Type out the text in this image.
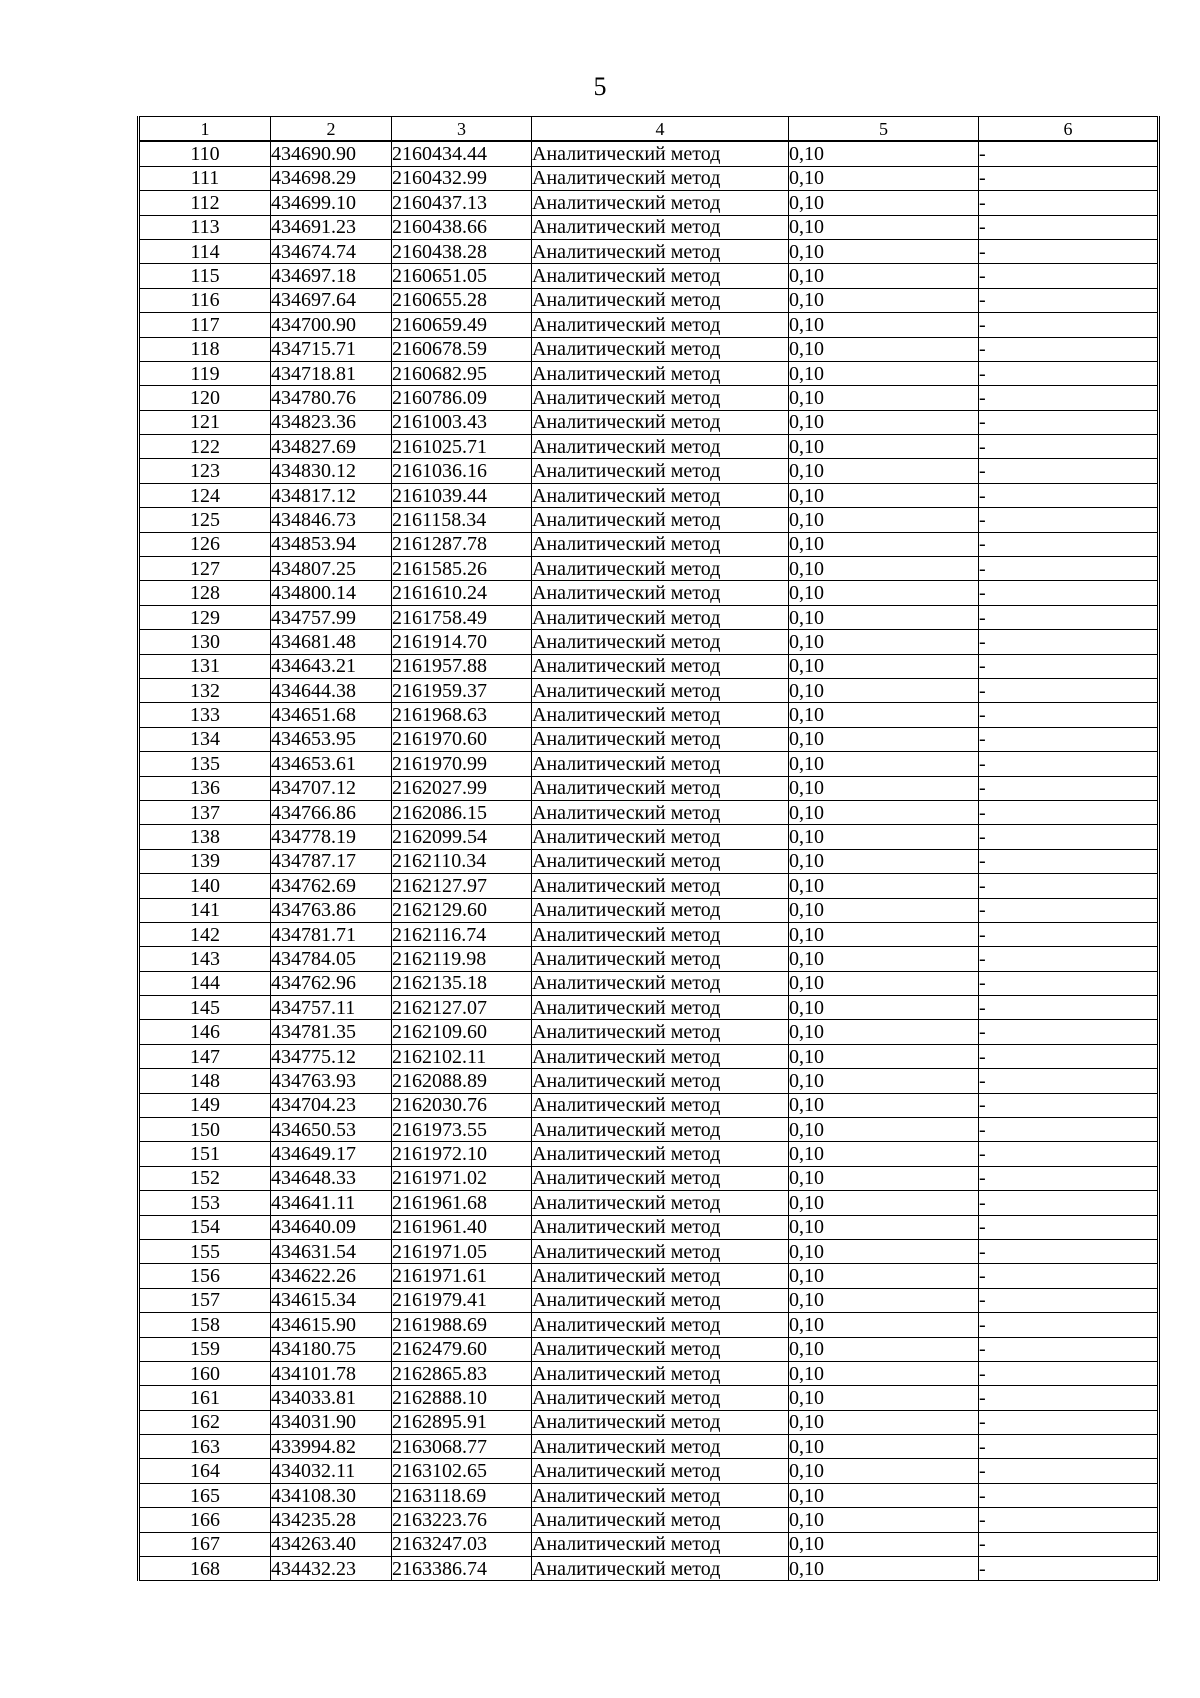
5
1	2	3	4	5	6
110	434690.90	2160434.44	Аналитический метод	0,10	-
111	434698.29	2160432.99	Аналитический метод	0,10	-
112	434699.10	2160437.13	Аналитический метод	0,10	-
113	434691.23	2160438.66	Аналитический метод	0,10	-
114	434674.74	2160438.28	Аналитический метод	0,10	-
115	434697.18	2160651.05	Аналитический метод	0,10	-
116	434697.64	2160655.28	Аналитический метод	0,10	-
117	434700.90	2160659.49	Аналитический метод	0,10	-
118	434715.71	2160678.59	Аналитический метод	0,10	-
119	434718.81	2160682.95	Аналитический метод	0,10	-
120	434780.76	2160786.09	Аналитический метод	0,10	-
121	434823.36	2161003.43	Аналитический метод	0,10	-
122	434827.69	2161025.71	Аналитический метод	0,10	-
123	434830.12	2161036.16	Аналитический метод	0,10	-
124	434817.12	2161039.44	Аналитический метод	0,10	-
125	434846.73	2161158.34	Аналитический метод	0,10	-
126	434853.94	2161287.78	Аналитический метод	0,10	-
127	434807.25	2161585.26	Аналитический метод	0,10	-
128	434800.14	2161610.24	Аналитический метод	0,10	-
129	434757.99	2161758.49	Аналитический метод	0,10	-
130	434681.48	2161914.70	Аналитический метод	0,10	-
131	434643.21	2161957.88	Аналитический метод	0,10	-
132	434644.38	2161959.37	Аналитический метод	0,10	-
133	434651.68	2161968.63	Аналитический метод	0,10	-
134	434653.95	2161970.60	Аналитический метод	0,10	-
135	434653.61	2161970.99	Аналитический метод	0,10	-
136	434707.12	2162027.99	Аналитический метод	0,10	-
137	434766.86	2162086.15	Аналитический метод	0,10	-
138	434778.19	2162099.54	Аналитический метод	0,10	-
139	434787.17	2162110.34	Аналитический метод	0,10	-
140	434762.69	2162127.97	Аналитический метод	0,10	-
141	434763.86	2162129.60	Аналитический метод	0,10	-
142	434781.71	2162116.74	Аналитический метод	0,10	-
143	434784.05	2162119.98	Аналитический метод	0,10	-
144	434762.96	2162135.18	Аналитический метод	0,10	-
145	434757.11	2162127.07	Аналитический метод	0,10	-
146	434781.35	2162109.60	Аналитический метод	0,10	-
147	434775.12	2162102.11	Аналитический метод	0,10	-
148	434763.93	2162088.89	Аналитический метод	0,10	-
149	434704.23	2162030.76	Аналитический метод	0,10	-
150	434650.53	2161973.55	Аналитический метод	0,10	-
151	434649.17	2161972.10	Аналитический метод	0,10	-
152	434648.33	2161971.02	Аналитический метод	0,10	-
153	434641.11	2161961.68	Аналитический метод	0,10	-
154	434640.09	2161961.40	Аналитический метод	0,10	-
155	434631.54	2161971.05	Аналитический метод	0,10	-
156	434622.26	2161971.61	Аналитический метод	0,10	-
157	434615.34	2161979.41	Аналитический метод	0,10	-
158	434615.90	2161988.69	Аналитический метод	0,10	-
159	434180.75	2162479.60	Аналитический метод	0,10	-
160	434101.78	2162865.83	Аналитический метод	0,10	-
161	434033.81	2162888.10	Аналитический метод	0,10	-
162	434031.90	2162895.91	Аналитический метод	0,10	-
163	433994.82	2163068.77	Аналитический метод	0,10	-
164	434032.11	2163102.65	Аналитический метод	0,10	-
165	434108.30	2163118.69	Аналитический метод	0,10	-
166	434235.28	2163223.76	Аналитический метод	0,10	-
167	434263.40	2163247.03	Аналитический метод	0,10	-
168	434432.23	2163386.74	Аналитический метод	0,10	-
